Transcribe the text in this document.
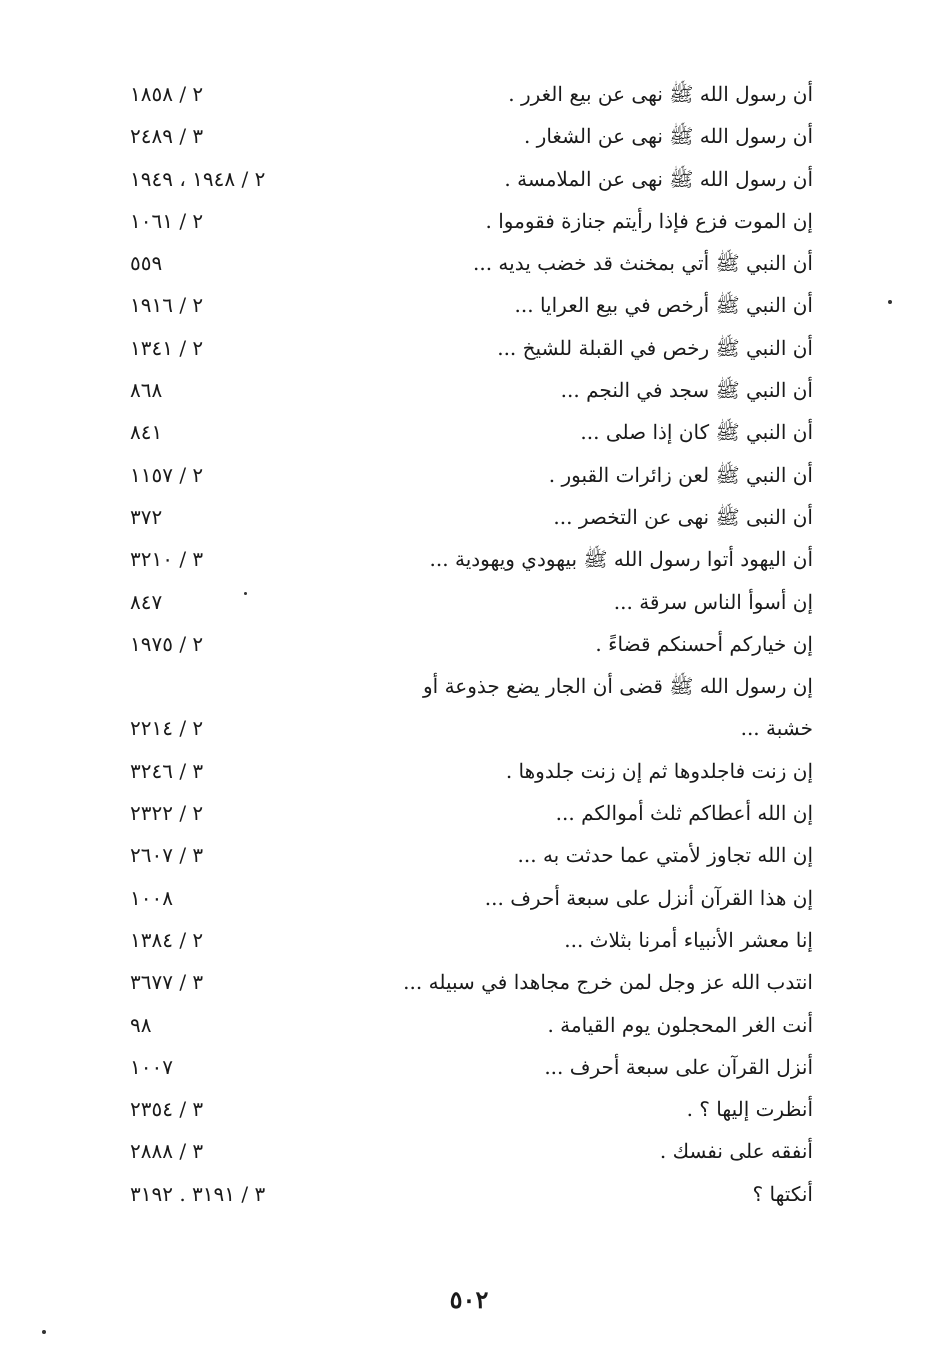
أن رسول الله ﷺ نهى عن بيع الغرر .
٢ / ١٨٥٨
أن رسول الله ﷺ نهى عن الشغار .
٣ / ٢٤٨٩
أن رسول الله ﷺ نهى عن الملامسة .
٢ / ١٩٤٨ ، ١٩٤٩
إن الموت فزع فإذا رأيتم جنازة فقوموا .
٢ / ١٠٦١
أن النبي ﷺ أتي بمخنث قد خضب يديه ...
٥٥٩
أن النبي ﷺ أرخص في بيع العرايا ...
٢ / ١٩١٦
أن النبي ﷺ رخص في القبلة للشيخ ...
٢ / ١٣٤١
أن النبي ﷺ سجد في النجم ...
٨٦٨
أن النبي ﷺ كان إذا صلى ...
٨٤١
أن النبي ﷺ لعن زائرات القبور .
٢ / ١١٥٧
أن النبى ﷺ نهى عن التخصر ...
٣٧٢
أن اليهود أتوا رسول الله ﷺ بيهودي ويهودية ...
٣ / ٣٢١٠
إن أسوأ الناس سرقة ...
٨٤٧
إن خياركم أحسنكم قضاءً .
٢ / ١٩٧٥
إن رسول الله ﷺ قضى أن الجار يضع جذوعة أو
خشبة ...
٢ / ٢٢١٤
إن زنت فاجلدوها ثم إن زنت جلدوها .
٣ / ٣٢٤٦
إن الله أعطاكم ثلث أموالكم ...
٢ / ٢٣٢٢
إن الله تجاوز لأمتي عما حدثت به ...
٣ / ٢٦٠٧
إن هذا القرآن أنزل على سبعة أحرف ...
١٠٠٨
إنا معشر الأنبياء أمرنا بثلاث ...
٢ / ١٣٨٤
انتدب الله عز وجل لمن خرج مجاهدا في سبيله ...
٣ / ٣٦٧٧
أنت الغر المحجلون يوم القيامة .
٩٨
أنزل القرآن على سبعة أحرف ...
١٠٠٧
أنظرت إليها ؟ .
٣ / ٢٣٥٤
أنفقه على نفسك .
٣ / ٢٨٨٨
أنكتها ؟
٣ / ٣١٩١ . ٣١٩٢
٥٠٢
